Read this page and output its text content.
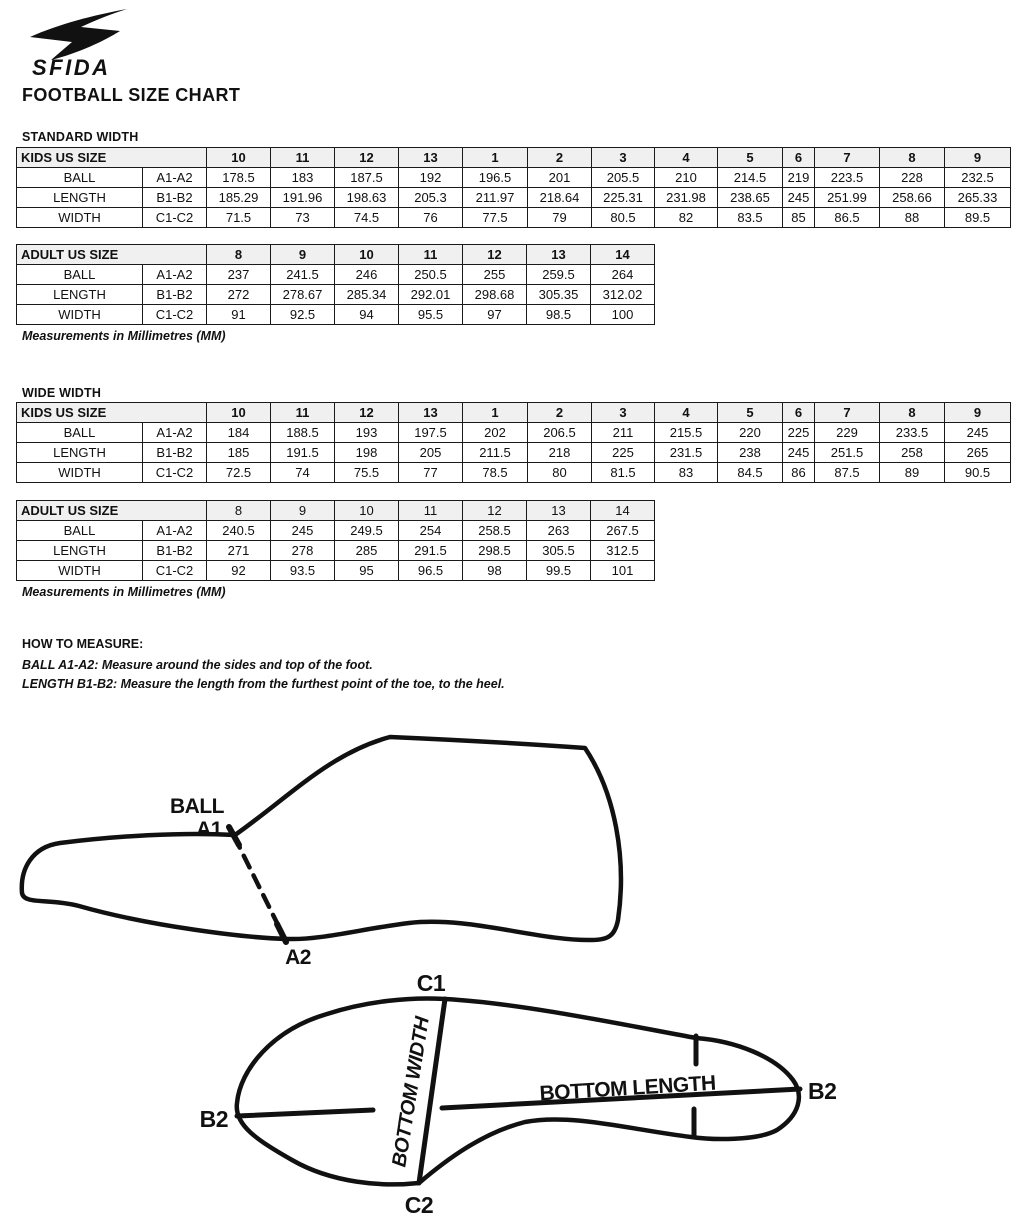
SFIDA
FOOTBALL SIZE CHART
STANDARD WIDTH
KIDS US SIZE		10	11	12	13	1	2	3	4	5	6	7	8	9
BALL	A1-A2	178.5	183	187.5	192	196.5	201	205.5	210	214.5	219	223.5	228	232.5
LENGTH	B1-B2	185.29	191.96	198.63	205.3	211.97	218.64	225.31	231.98	238.65	245	251.99	258.66	265.33
WIDTH	C1-C2	71.5	73	74.5	76	77.5	79	80.5	82	83.5	85	86.5	88	89.5
ADULT US SIZE		8	9	10	11	12	13	14
BALL	A1-A2	237	241.5	246	250.5	255	259.5	264
LENGTH	B1-B2	272	278.67	285.34	292.01	298.68	305.35	312.02
WIDTH	C1-C2	91	92.5	94	95.5	97	98.5	100
Measurements in Millimetres (MM)
WIDE WIDTH
KIDS US SIZE		10	11	12	13	1	2	3	4	5	6	7	8	9
BALL	A1-A2	184	188.5	193	197.5	202	206.5	211	215.5	220	225	229	233.5	245
LENGTH	B1-B2	185	191.5	198	205	211.5	218	225	231.5	238	245	251.5	258	265
WIDTH	C1-C2	72.5	74	75.5	77	78.5	80	81.5	83	84.5	86	87.5	89	90.5
ADULT US SIZE		8	9	10	11	12	13	14
BALL	A1-A2	240.5	245	249.5	254	258.5	263	267.5
LENGTH	B1-B2	271	278	285	291.5	298.5	305.5	312.5
WIDTH	C1-C2	92	93.5	95	96.5	98	99.5	101
Measurements in Millimetres (MM)
HOW TO MEASURE:
BALL A1-A2: Measure around the sides and top of the foot.
LENGTH B1-B2: Measure the length from the furthest point of the toe, to the heel.
BALL
A1
A2
C1
C2
B2
B2
BOTTOM WIDTH	BOTTOM LENGTH
